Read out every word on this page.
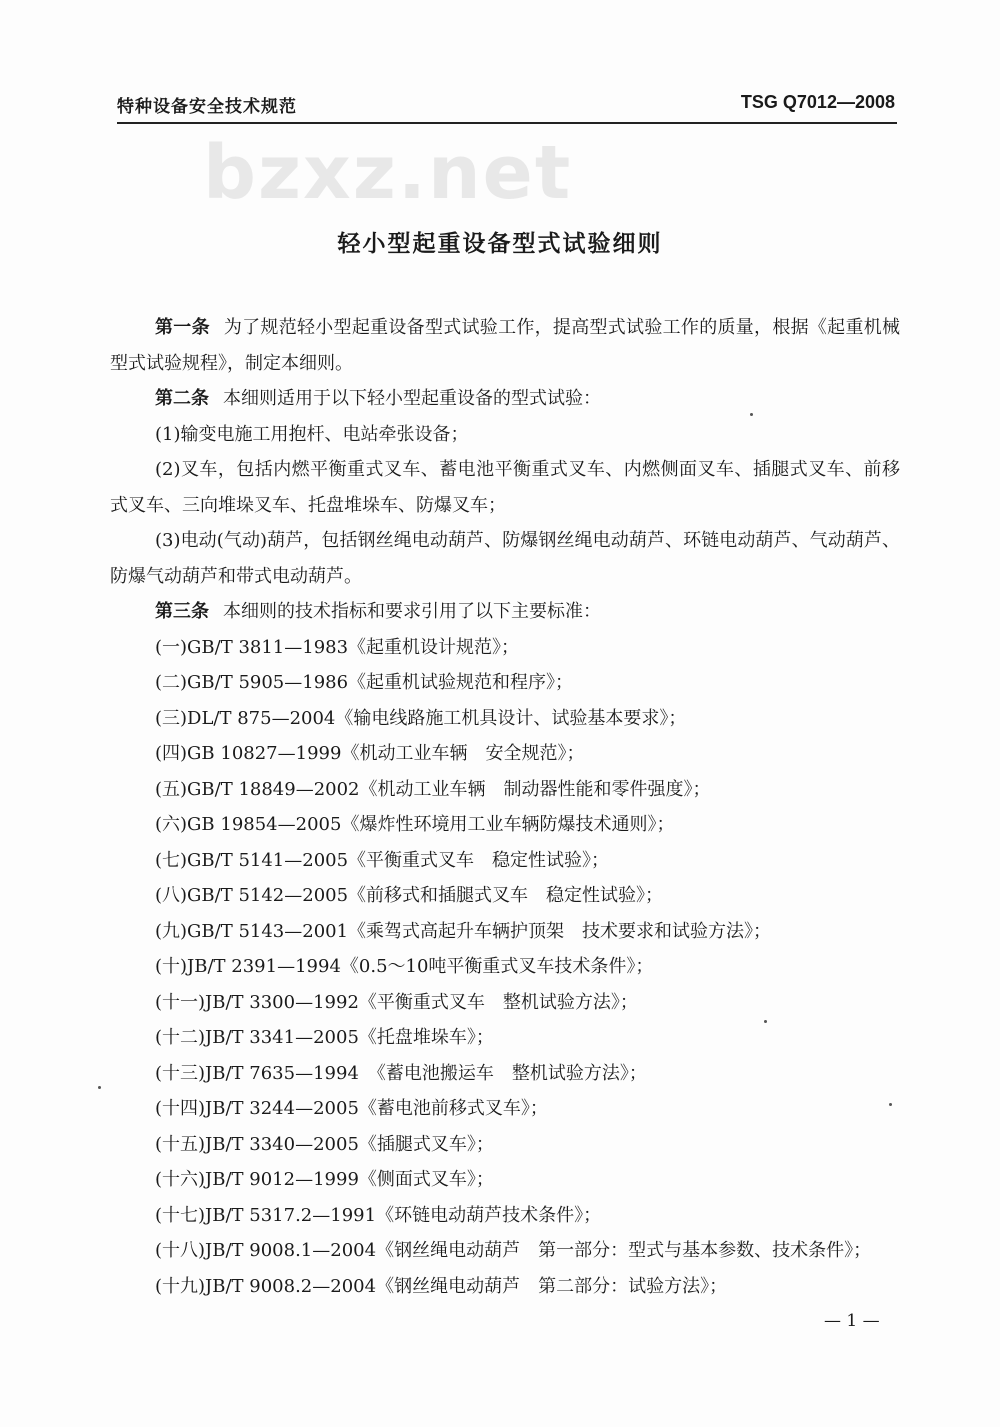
特种设备安全技术规范	TSG Q7012—2008
bzxz.net
轻小型起重设备型式试验细则

第一条 为了规范轻小型起重设备型式试验工作，提高型式试验工作的质量，根据《起重机械型式试验规程》，制定本细则。

第二条 本细则适用于以下轻小型起重设备的型式试验：

(1)输变电施工用抱杆、电站牵张设备；

(2)叉车，包括内燃平衡重式叉车、蓄电池平衡重式叉车、内燃侧面叉车、插腿式叉车、前移式叉车、三向堆垛叉车、托盘堆垛车、防爆叉车；

(3)电动(气动)葫芦，包括钢丝绳电动葫芦、防爆钢丝绳电动葫芦、环链电动葫芦、气动葫芦、防爆气动葫芦和带式电动葫芦。

第三条 本细则的技术指标和要求引用了以下主要标准：

(一)GB/T 3811—1983《起重机设计规范》；

(二)GB/T 5905—1986《起重机试验规范和程序》；

(三)DL/T 875—2004《输电线路施工机具设计、试验基本要求》；

(四)GB 10827—1999《机动工业车辆　安全规范》；

(五)GB/T 18849—2002《机动工业车辆　制动器性能和零件强度》；

(六)GB 19854—2005《爆炸性环境用工业车辆防爆技术通则》；

(七)GB/T 5141—2005《平衡重式叉车　稳定性试验》；

(八)GB/T 5142—2005《前移式和插腿式叉车　稳定性试验》；

(九)GB/T 5143—2001《乘驾式高起升车辆护顶架　技术要求和试验方法》；

(十)JB/T 2391—1994《0.5～10吨平衡重式叉车技术条件》；

(十一)JB/T 3300—1992《平衡重式叉车　整机试验方法》；

(十二)JB/T 3341—2005《托盘堆垛车》；

(十三)JB/T 7635—1994　《蓄电池搬运车　整机试验方法》；

(十四)JB/T 3244—2005《蓄电池前移式叉车》；

(十五)JB/T 3340—2005《插腿式叉车》；

(十六)JB/T 9012—1999《侧面式叉车》；

(十七)JB/T 5317.2—1991《环链电动葫芦技术条件》；

(十八)JB/T 9008.1—2004《钢丝绳电动葫芦　第一部分：型式与基本参数、技术条件》；

(十九)JB/T 9008.2—2004《钢丝绳电动葫芦　第二部分：试验方法》；

— 1 —
